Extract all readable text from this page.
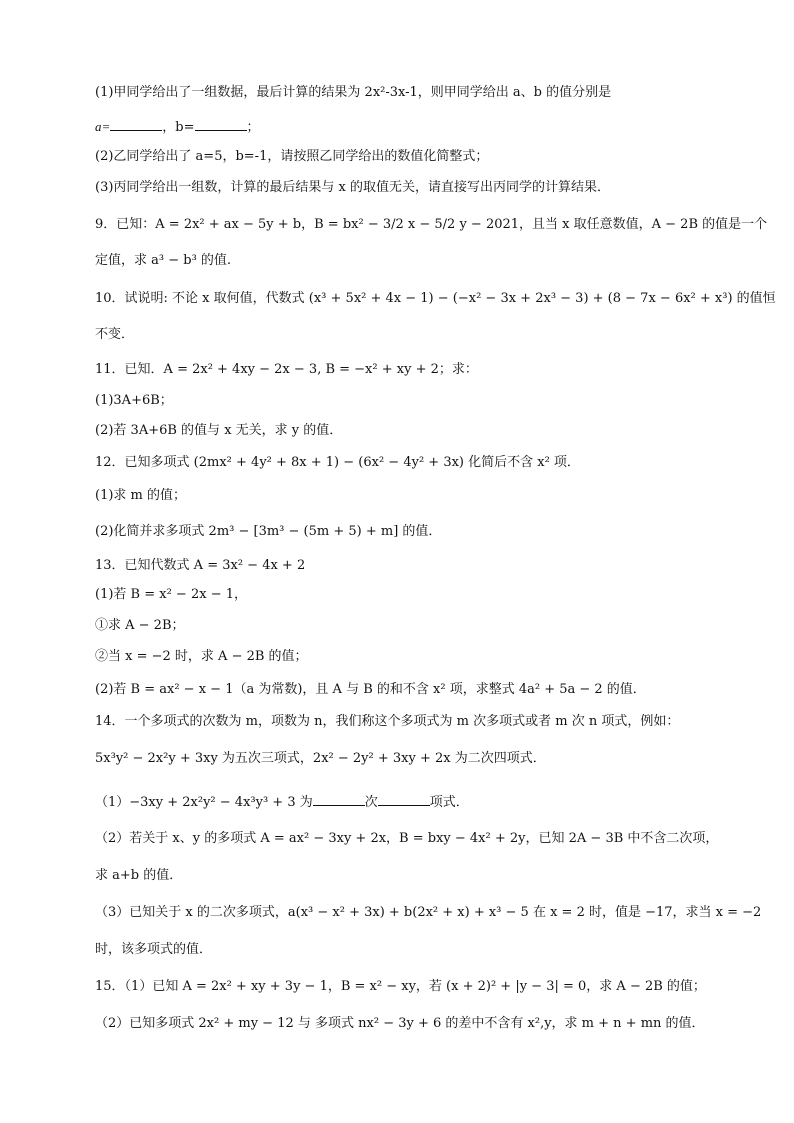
(1)甲同学给出了一组数据，最后计算的结果为 2x²-3x-1，则甲同学给出 a、b 的值分别是
a=	，b=	；
(2)乙同学给出了 a=5，b=-1，请按照乙同学给出的数值化简整式；
(3)丙同学给出一组数，计算的最后结果与 x 的取值无关，请直接写出丙同学的计算结果．
9．已知：A = 2x² + ax − 5y + b，B = bx² − 3/2 x − 5/2 y − 2021，且当 x 取任意数值，A − 2B 的值是一个
定值，求 a³ − b³ 的值.
10．试说明: 不论 x 取何值，代数式 (x³ + 5x² + 4x − 1) − (−x² − 3x + 2x³ − 3) + (8 − 7x − 6x² + x³) 的值恒
不变．
11．已知．A = 2x² + 4xy − 2x − 3, B = −x² + xy + 2；求：
(1)3A+6B；
(2)若 3A+6B 的值与 x 无关，求 y 的值．
12．已知多项式 (2mx² + 4y² + 8x + 1) − (6x² − 4y² + 3x) 化简后不含 x² 项．
(1)求 m 的值；
(2)化简并求多项式 2m³ − [3m³ − (5m + 5) + m] 的值．
13．已知代数式 A = 3x² − 4x + 2
(1)若 B = x² − 2x − 1，
①求 A − 2B；
②当 x = −2 时，求 A − 2B 的值；
(2)若 B = ax² − x − 1（a 为常数)，且 A 与 B 的和不含 x² 项，求整式 4a² + 5a − 2 的值．
14．一个多项式的次数为 m，项数为 n，我们称这个多项式为 m 次多项式或者 m 次 n 项式，例如：
5x³y² − 2x²y + 3xy 为五次三项式，2x² − 2y² + 3xy + 2x 为二次四项式．
（1）−3xy + 2x²y² − 4x³y³ + 3 为	次	项式．
（2）若关于 x、y 的多项式 A = ax² − 3xy + 2x，B = bxy − 4x² + 2y，已知 2A − 3B 中不含二次项，
求 a+b 的值．
（3）已知关于 x 的二次多项式，a(x³ − x² + 3x) + b(2x² + x) + x³ − 5 在 x = 2 时，值是 −17，求当 x = −2
时，该多项式的值．
15．（1）已知 A = 2x² + xy + 3y − 1，B = x² − xy，若 (x + 2)² + |y − 3| = 0，求 A − 2B 的值；
（2）已知多项式 2x² + my − 12 与 多项式 nx² − 3y + 6 的差中不含有 x²,y，求 m + n + mn 的值．
